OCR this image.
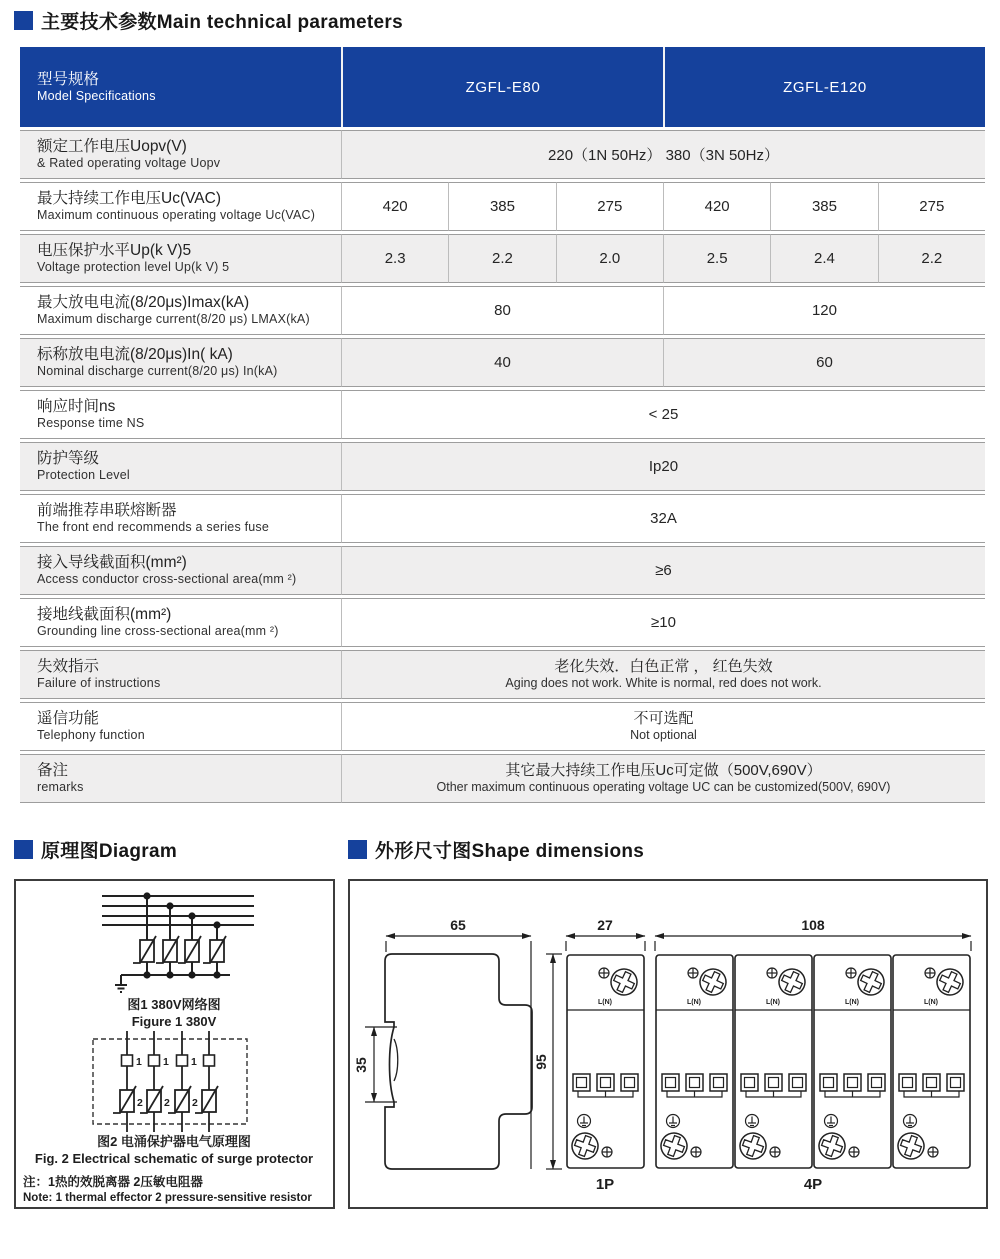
主要技术参数Main technical parameters
型号规格
Model Specifications	ZGFL-E80			ZGFL-E120		

额定工作电压Uopv(V)
& Rated operating voltage Uopv	220（1N 50Hz） 380（3N 50Hz）					

最大持续工作电压Uc(VAC)
Maximum continuous operating voltage Uc(VAC)	420	385	275	420	385	275

电压保护水平Up(k V)5
Voltage protection level Up(k V) 5	2.3	2.2	2.0	2.5	2.4	2.2

最大放电电流(8/20μs)Imax(kA)
Maximum discharge current(8/20 μs) LMAX(kA)	80			120		

标称放电电流(8/20μs)In( kA)
Nominal discharge current(8/20 μs) In(kA)	40			60		

响应时间ns
Response time NS	< 25					

防护等级
Protection Level	Ip20					

前端推荐串联熔断器
The front end recommends a series fuse	32A					

接入导线截面积(mm²)
Access conductor cross-sectional area(mm ²)	≥6					

接地线截面积(mm²)
Grounding line cross-sectional area(mm ²)	≥10					

失效指示
Failure of instructions	老化失效．白色正常 ， 红色失效
Aging does not work. White is normal, red does not work.					

遥信功能
Telephony function	不可选配
Not optional					

备注
remarks	其它最大持续工作电压Uc可定做（500V,690V）
Other maximum continuous operating voltage UC can be customized(500V, 690V)					
原理图Diagram
图1 380V网络图
Figure 1 380V
1 1 1
2 2 2
图2 电涌保护器电气原理图
Fig. 2 Electrical schematic of surge protector
注：1热的效脱离器 2压敏电阻器
Note: 1 thermal effector 2 pressure-sensitive resistor
外形尺寸图Shape dimensions
L(N)	65
35	95
27	108
1P	4P
